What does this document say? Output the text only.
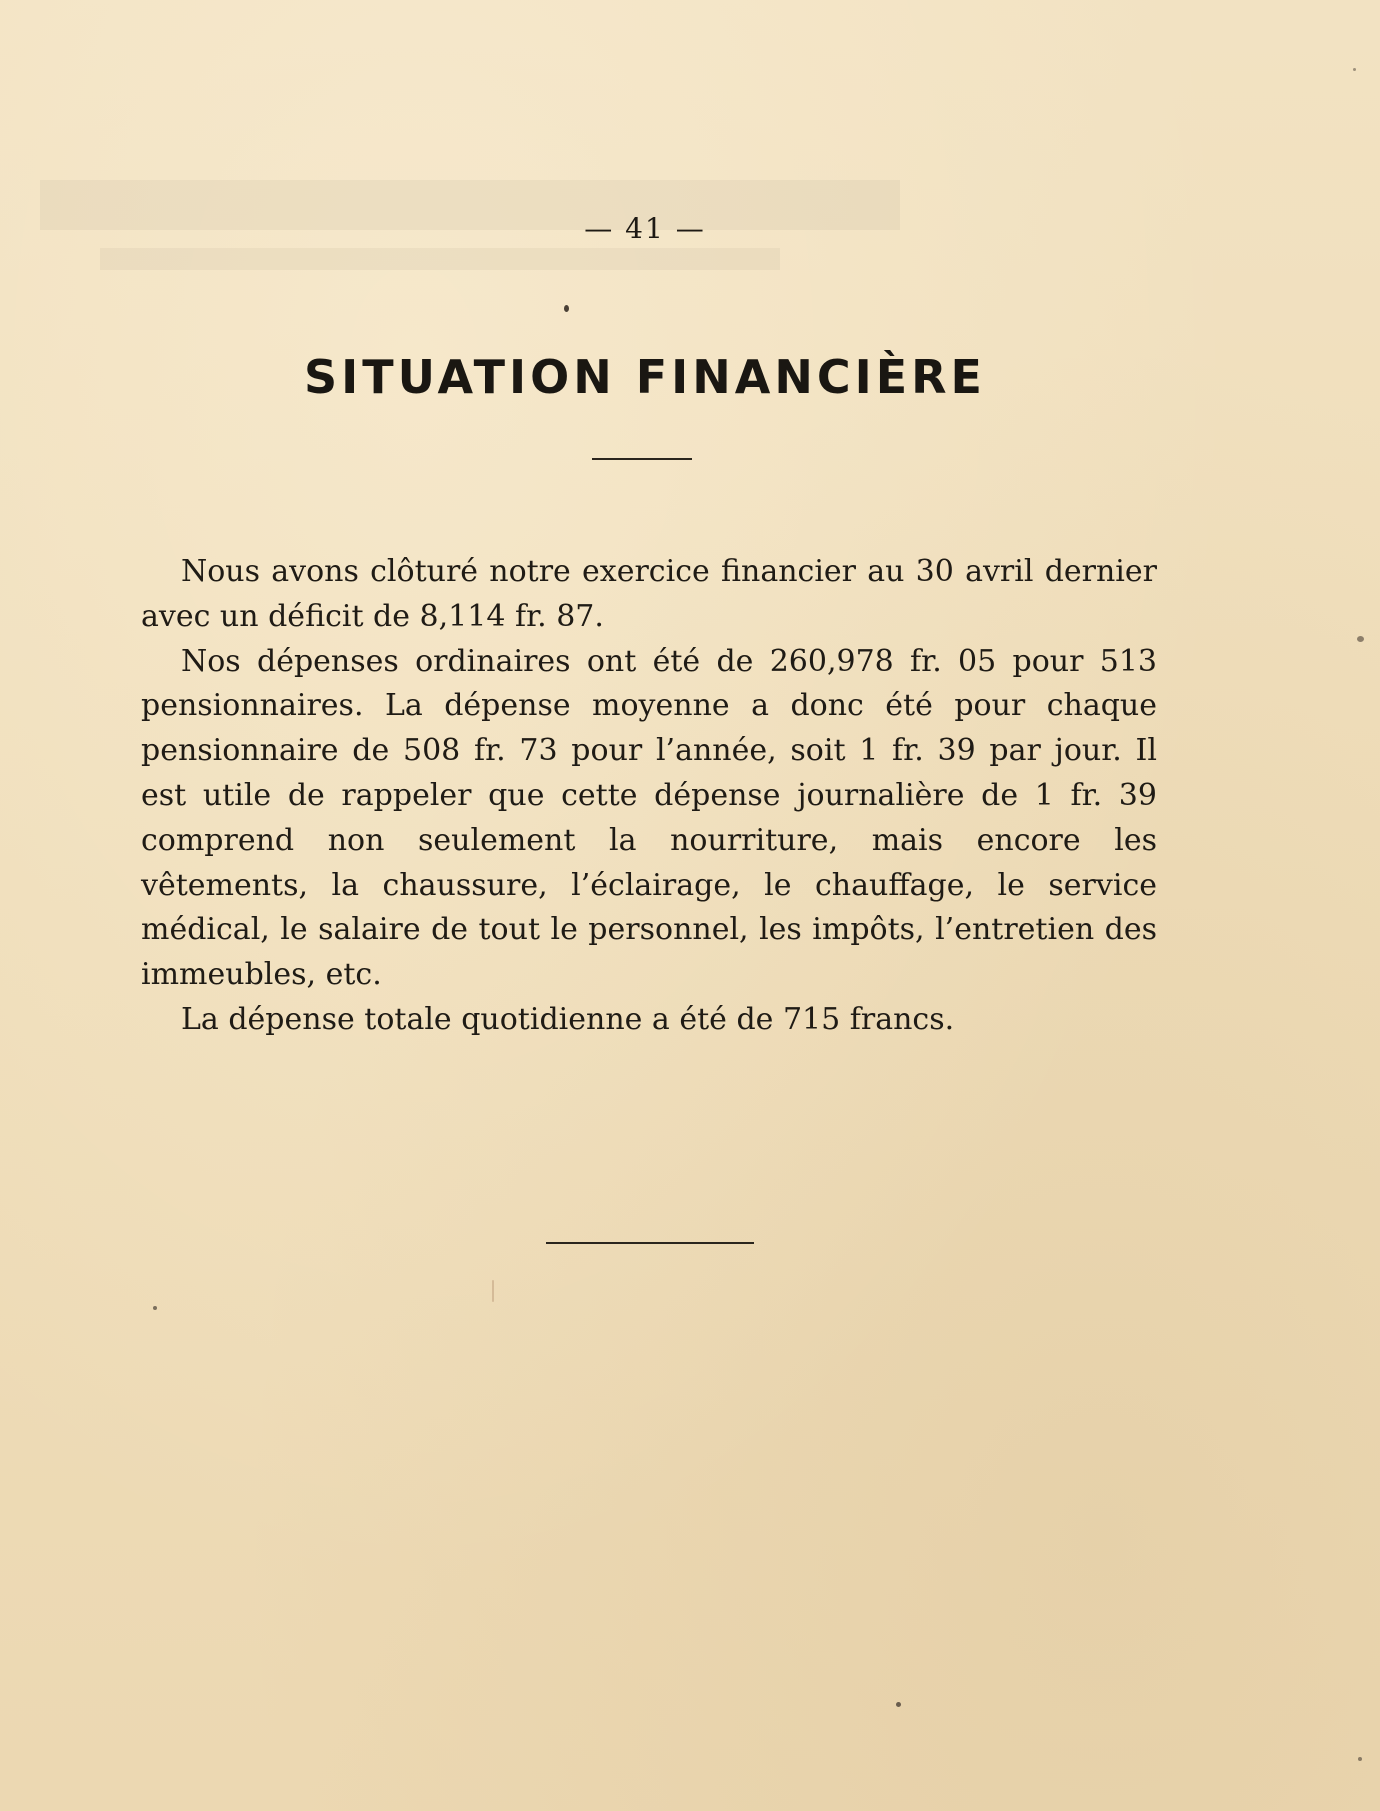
— 41 —
SITUATION FINANCIÈRE

Nous avons clôturé notre exercice financier au 30 avril dernier avec un déficit de 8,114 fr. 87.

Nos dépenses ordinaires ont été de 260,978 fr. 05 pour 513 pensionnaires. La dépense moyenne a donc été pour chaque pensionnaire de 508 fr. 73 pour l’année, soit 1 fr. 39 par jour. Il est utile de rappeler que cette dépense journalière de 1 fr. 39 comprend non seulement la nourriture, mais encore les vêtements, la chaussure, l’éclairage, le chauffage, le service médical, le salaire de tout le personnel, les impôts, l’entretien des immeubles, etc.

La dépense totale quotidienne a été de 715 francs.
